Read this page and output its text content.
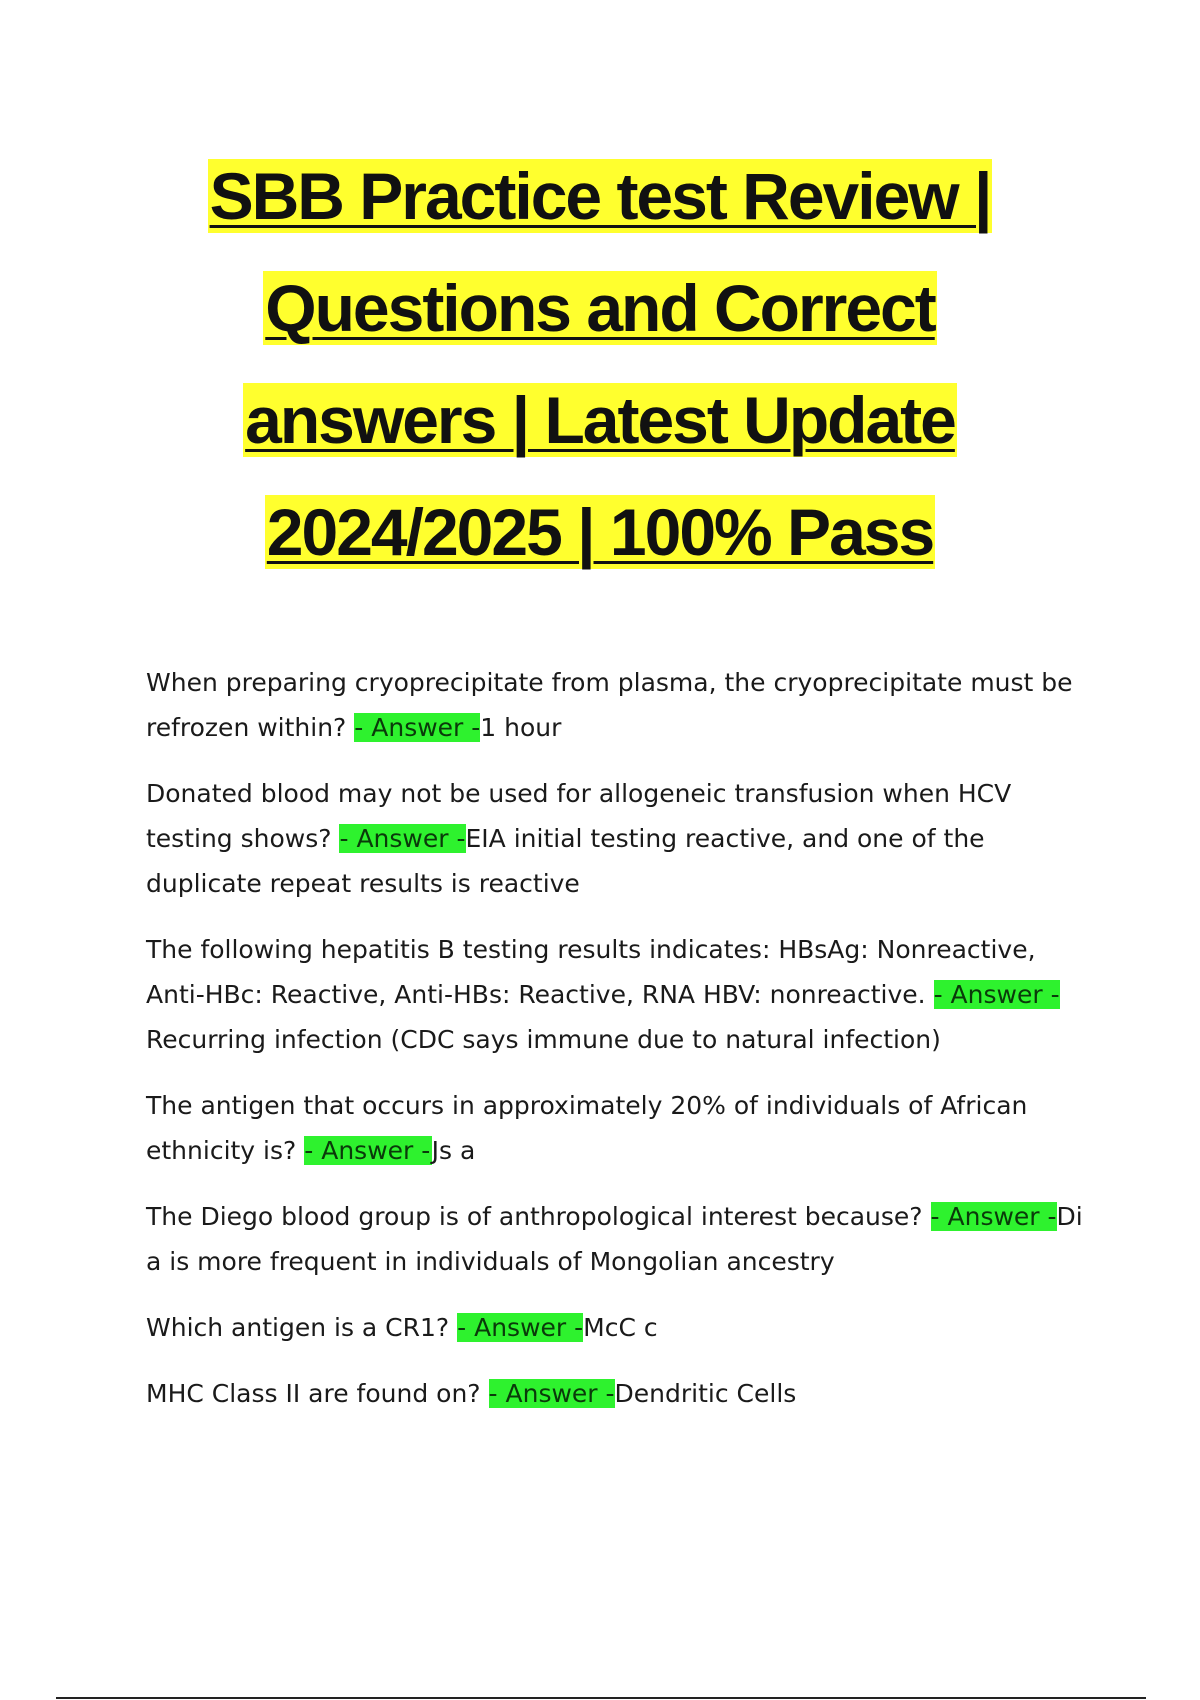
SBB Practice test Review |
Questions and Correct
answers | Latest Update
2024/2025 | 100% Pass

When preparing cryoprecipitate from plasma, the cryoprecipitate must be refrozen within? - Answer -1 hour

Donated blood may not be used for allogeneic transfusion when HCV testing shows? - Answer -EIA initial testing reactive, and one of the duplicate repeat results is reactive

The following hepatitis B testing results indicates: HBsAg: Nonreactive, Anti-HBc: Reactive, Anti-HBs: Reactive, RNA HBV: nonreactive. - Answer -Recurring infection (CDC says immune due to natural infection)

The antigen that occurs in approximately 20% of individuals of African ethnicity is? - Answer -Js a

The Diego blood group is of anthropological interest because? - Answer -Di a is more frequent in individuals of Mongolian ancestry

Which antigen is a CR1? - Answer -McC c

MHC Class II are found on? - Answer -Dendritic Cells
